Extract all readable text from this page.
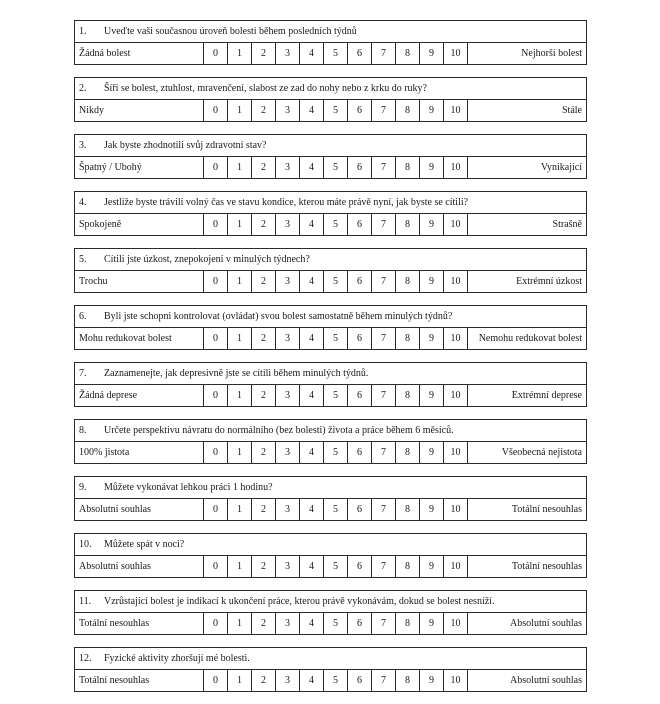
1. Uveďte vaši současnou úroveň bolesti během posledních týdnů
Žádná bolest	0	1	2	3	4	5	6	7	8	9	10	Nejhorší bolest
2. Šíří se bolest, ztuhlost, mravenčení, slabost ze zad do nohy nebo z krku do ruky?
Nikdy	0	1	2	3	4	5	6	7	8	9	10	Stále
3. Jak byste zhodnotili svůj zdravotní stav?
Špatný / Ubohý	0	1	2	3	4	5	6	7	8	9	10	Vynikající
4. Jestliže byste trávili volný čas ve stavu kondice, kterou máte právě nyní, jak byste se cítili?
Spokojeně	0	1	2	3	4	5	6	7	8	9	10	Strašně
5. Cítili jste úzkost, znepokojení v minulých týdnech?
Trochu	0	1	2	3	4	5	6	7	8	9	10	Extrémní úzkost
6. Byli jste schopni kontrolovat (ovládat) svou bolest samostatně během minulých týdnů?
Mohu redukovat bolest	0	1	2	3	4	5	6	7	8	9	10	Nemohu redukovat bolest
7. Zaznamenejte, jak depresivně jste se cítili během minulých týdnů.
Žádná deprese	0	1	2	3	4	5	6	7	8	9	10	Extrémní deprese
8. Určete perspektivu návratu do normálního (bez bolesti) života a práce během 6 měsíců.
100% jistota	0	1	2	3	4	5	6	7	8	9	10	Všeobecná nejistota
9. Můžete vykonávat lehkou práci 1 hodinu?
Absolutní souhlas	0	1	2	3	4	5	6	7	8	9	10	Totální nesouhlas
10. Můžete spát v noci?
Absolutní souhlas	0	1	2	3	4	5	6	7	8	9	10	Totální nesouhlas
11. Vzrůstající bolest je indikací k ukončení práce, kterou právě vykonávám, dokud se bolest nesníží.
Totální nesouhlas	0	1	2	3	4	5	6	7	8	9	10	Absolutní souhlas
12. Fyzické aktivity zhoršují mé bolesti.
Totální nesouhlas	0	1	2	3	4	5	6	7	8	9	10	Absolutní souhlas
